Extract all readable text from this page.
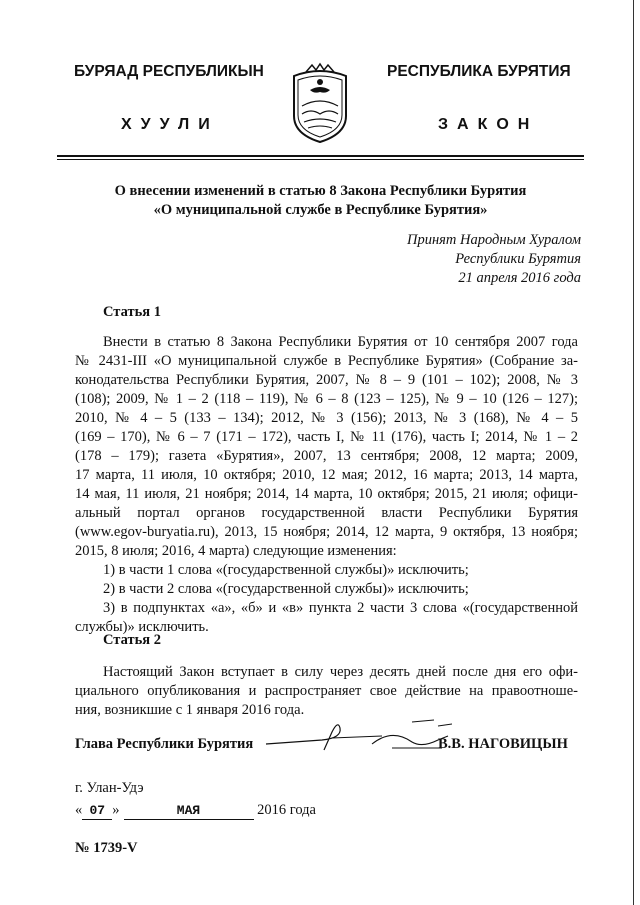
БУРЯАД РЕСПУБЛИКЫН	РЕСПУБЛИКА БУРЯТИЯ
ХУУЛИ	ЗАКОН
О внесении изменений в статью 8 Закона Республики Бурятия
«О муниципальной службе в Республике Бурятия»
Принят Народным Хуралом
Республики Бурятия
21 апреля 2016 года
Статья 1
Внести в статью 8 Закона Республики Бурятия от 10 сентября 2007 года
№ 2431-III «О муниципальной службе в Республике Бурятия» (Собрание за-
конодательства Республики Бурятия, 2007, № 8 – 9 (101 – 102); 2008, № 3
(108); 2009, № 1 – 2 (118 – 119), № 6 – 8 (123 – 125), № 9 – 10 (126 – 127);
2010, № 4 – 5 (133 – 134); 2012, № 3 (156); 2013, № 3 (168), № 4 – 5
(169 – 170), № 6 – 7 (171 – 172), часть I, № 11 (176), часть I; 2014, № 1 – 2
(178 – 179); газета «Бурятия», 2007, 13 сентября; 2008, 12 марта; 2009,
17 марта, 11 июля, 10 октября; 2010, 12 мая; 2012, 16 марта; 2013, 14 марта,
14 мая, 11 июля, 21 ноября; 2014, 14 марта, 10 октября; 2015, 21 июля; офици-
альный портал органов государственной власти Республики Бурятия
(www.egov-buryatia.ru), 2013, 15 ноября; 2014, 12 марта, 9 октября, 13 ноября;
2015, 8 июля; 2016, 4 марта) следующие изменения:
1) в части 1 слова «(государственной службы)» исключить;
2) в части 2 слова «(государственной службы)» исключить;
3) в подпунктах «а», «б» и «в» пункта 2 части 3 слова «(государственной
Статья 2
Настоящий Закон вступает в силу через десять дней после дня его офи-
циального опубликования и распространяет свое действие на правоотноше-
ния, возникшие с 1 января 2016 года.
Глава Республики Бурятия	В.В. НАГОВИЦЫН
г. Улан-Удэ
« 07 »	МАЯ	2016 года
№ 1739-V
службы)» исключить.
